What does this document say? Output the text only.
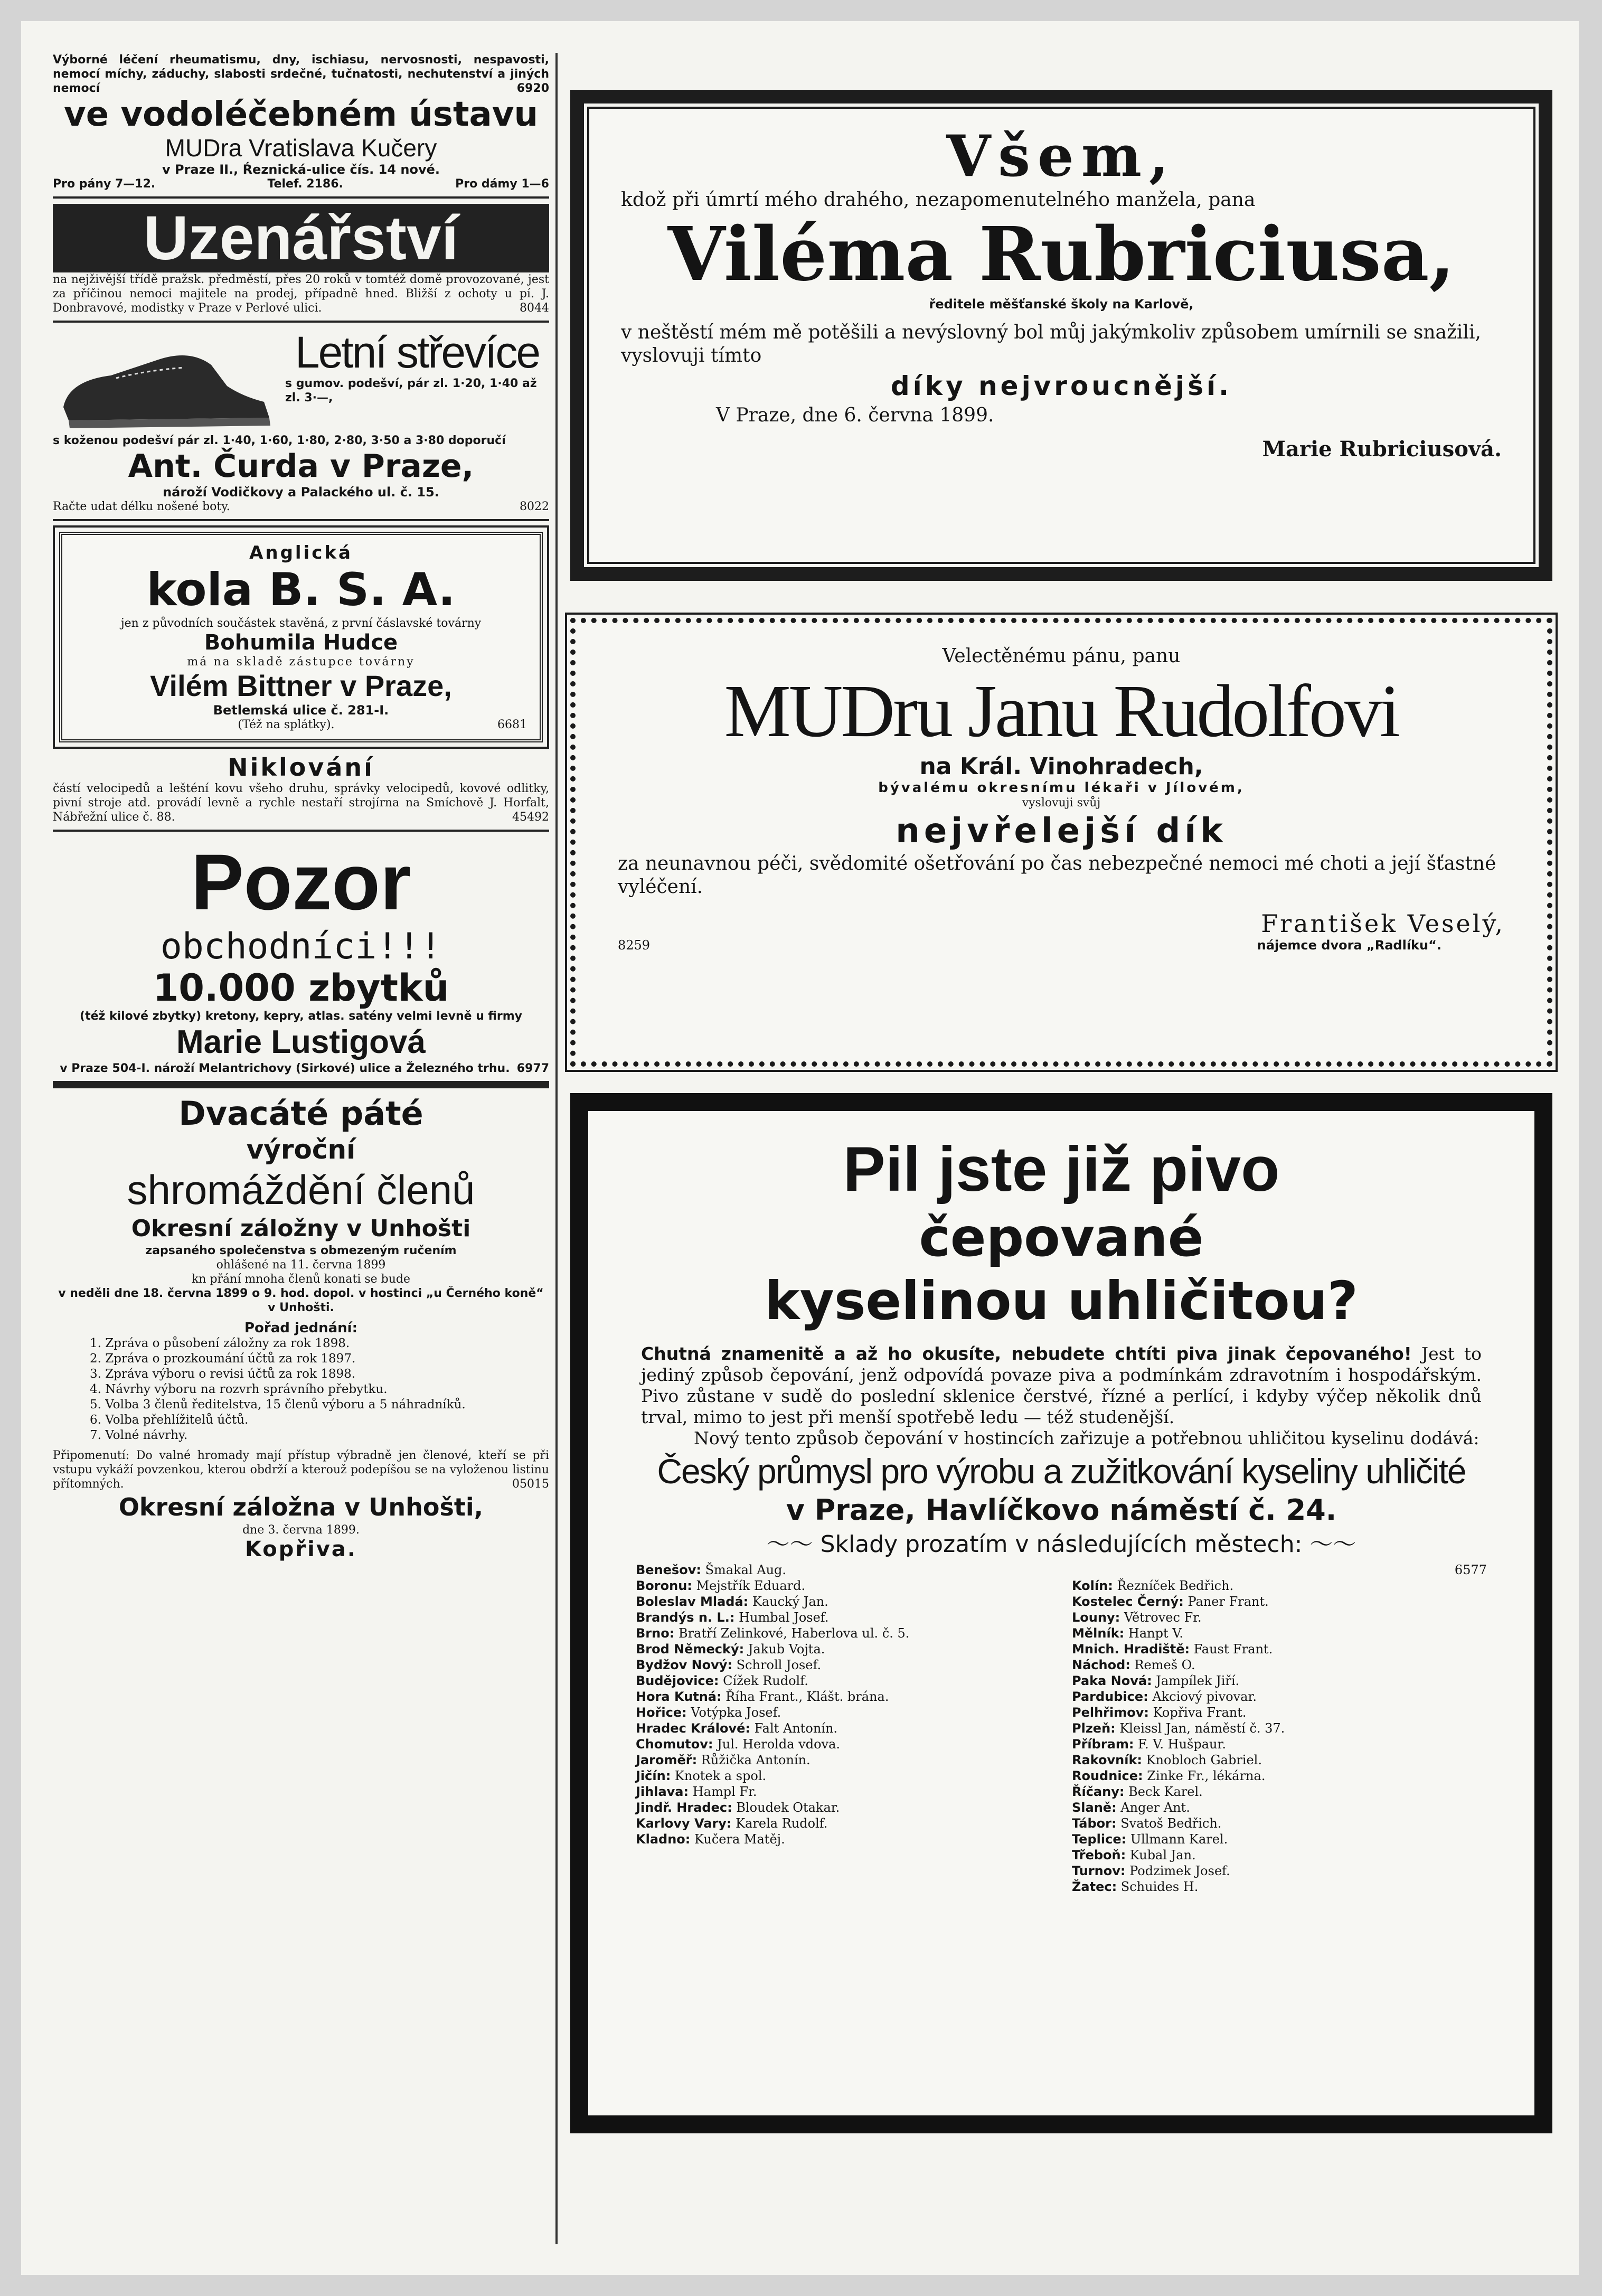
Výborné léčení rheumatismu, dny, ischiasu, nervosnosti, nespavosti, nemocí míchy, záduchy, slabosti srdečné, tučnatosti, nechutenství a jiných nemocí	6920
ve vodoléčebném ústavu
MUDra Vratislava Kučery
v Praze II., Ŕeznická-ulice čís. 14 nové.
Pro pány 7—12.	Telef. 2186.	Pro dámy 1—6
Uzenářství
na nejživější třídě pražsk. předměstí, přes 20 roků v tomtéž domě provozované, jest za příčinou nemoci majitele na prodej, případně hned. Bližší z ochoty u pí. J. Donbravové, modistky v Praze v Perlové ulici.	8044
Letní střevíce
s gumov. podešví, pár zl. 1·20, 1·40 až zl. 3·—,
s koženou podešví pár zl. 1·40, 1·60, 1·80, 2·80, 3·50 a 3·80 doporučí
Ant. Čurda v Praze,
nároží Vodičkovy a Palackého ul. č. 15.
Račte udat délku nošené boty.	8022
Anglická
kola B. S. A.
jen z původních součástek stavěná, z první čáslavské továrny
Bohumila Hudce
má na skladě zástupce továrny
Vilém Bittner v Praze,
Betlemská ulice č. 281-I.
(Též na splátky).	6681
Niklování
částí velocipedů a lešténí kovu všeho druhu, správky velocipedů, kovové odlitky, pivní stroje atd. provádí levně a rychle nestaří strojírna na Smíchově J. Horfalt, Nábřežní ulice č. 88.	45492
Pozor
obchodníci!!!
10.000 zbytků
(též kilové zbytky) kretony, kepry, atlas. satény velmi levně u firmy
Marie Lustigová
v Praze 504-I. nároží Melantrichovy (Sirkové) ulice a Železného trhu. 6977
Dvacáté páté
výroční
shromáždění členů
Okresní záložny v Unhošti
zapsaného společenstva s obmezeným ručením
ohlášené na 11. června 1899
kn přání mnoha členů konati se bude
v neděli dne 18. června 1899 o 9. hod. dopol. v hostinci „u Černého koně“ v Unhošti.
Pořad jednání:
1. Zpráva o působení záložny za rok 1898.
2. Zpráva o prozkoumání účtů za rok 1897.
3. Zpráva výboru o revisi účtů za rok 1898.
4. Návrhy výboru na rozvrh správního přebytku.
5. Volba 3 členů ředitelstva, 15 členů výboru a 5 náhradníků.
6. Volba přehlížitelů účtů.
7. Volné návrhy.
Připomenutí: Do valné hromady mají přístup výbradně jen členové, kteří se při vstupu vykáží povzenkou, kterou obdrží a kterouž podepíšou se na vyloženou listinu přítomných.	05015
Okresní záložna v Unhošti,
dne 3. června 1899.
Kopřiva.
Všem,
kdož při úmrtí mého drahého, nezapomenutelného manžela, pana
Viléma Rubriciusa,
ředitele měšťanské školy na Karlově,
v neštěstí mém mě potěšili a nevýslovný bol můj jakýmkoliv způsobem umírnili se snažili, vyslovuji tímto
díky nejvroucnější.
V Praze, dne 6. června 1899.
Marie Rubriciusová.
Velectěnému pánu, panu
MUDru Janu Rudolfovi
na Král. Vinohradech,
bývalému okresnímu lékaři v Jílovém,
vyslovuji svůj
nejvřelejší dík
za neunavnou péči, svědomité ošetřování po čas nebezpečné nemoci mé choti a její šťastné vyléčení.
František Veselý,
8259	nájemce dvora „Radlíku“.
Pil jste již pivo
čepované
kyselinou uhličitou?
Chutná znamenitě a až ho okusíte, nebudete chtíti piva jinak čepovaného! Jest to jediný způsob čepování, jenž odpovídá povaze piva a podmínkám zdravotním i hospodářským. Pivo zůstane v sudě do poslední sklenice čerstvé, řízné a perlící, i kdyby výčep několik dnů trval, mimo to jest při menší spotřebě ledu — též studenější.
Nový tento způsob čepování v hostincích zařizuje a potřebnou uhličitou kyselinu dodává:
Český průmysl pro výrobu a zužitkování kyseliny uhličité
v Praze, Havlíčkovo náměstí č. 24.
〜〜 Sklady prozatím v následujících městech: 〜〜
Benešov: Šmakal Aug.
Boronu: Mejstřík Eduard.
Boleslav Mladá: Kaucký Jan.
Brandýs n. L.: Humbal Josef.
Brno: Bratří Zelinkové, Haberlova ul. č. 5.
Brod Německý: Jakub Vojta.
Bydžov Nový: Schroll Josef.
Budějovice: Cížek Rudolf.
Hora Kutná: Říha Frant., Klášt. brána.
Hořice: Votýpka Josef.
Hradec Králové: Falt Antonín.
Chomutov: Jul. Herolda vdova.
Jaroměř: Růžička Antonín.
Jičín: Knotek a spol.
Jihlava: Hampl Fr.
Jindř. Hradec: Bloudek Otakar.
Karlovy Vary: Karela Rudolf.
Kladno: Kučera Matěj.
6577
Kolín: Řezníček Bedřich.
Kostelec Černý: Paner Frant.
Louny: Větrovec Fr.
Mělník: Hanpt V.
Mnich. Hradiště: Faust Frant.
Náchod: Remeš O.
Paka Nová: Jampílek Jiří.
Pardubice: Akciový pivovar.
Pelhřimov: Kopřiva Frant.
Plzeň: Kleissl Jan, náměstí č. 37.
Příbram: F. V. Hušpaur.
Rakovník: Knobloch Gabriel.
Roudnice: Zinke Fr., lékárna.
Říčany: Beck Karel.
Slaně: Anger Ant.
Tábor: Svatoš Bedřich.
Teplice: Ullmann Karel.
Třeboň: Kubal Jan.
Turnov: Podzimek Josef.
Žatec: Schuides H.
